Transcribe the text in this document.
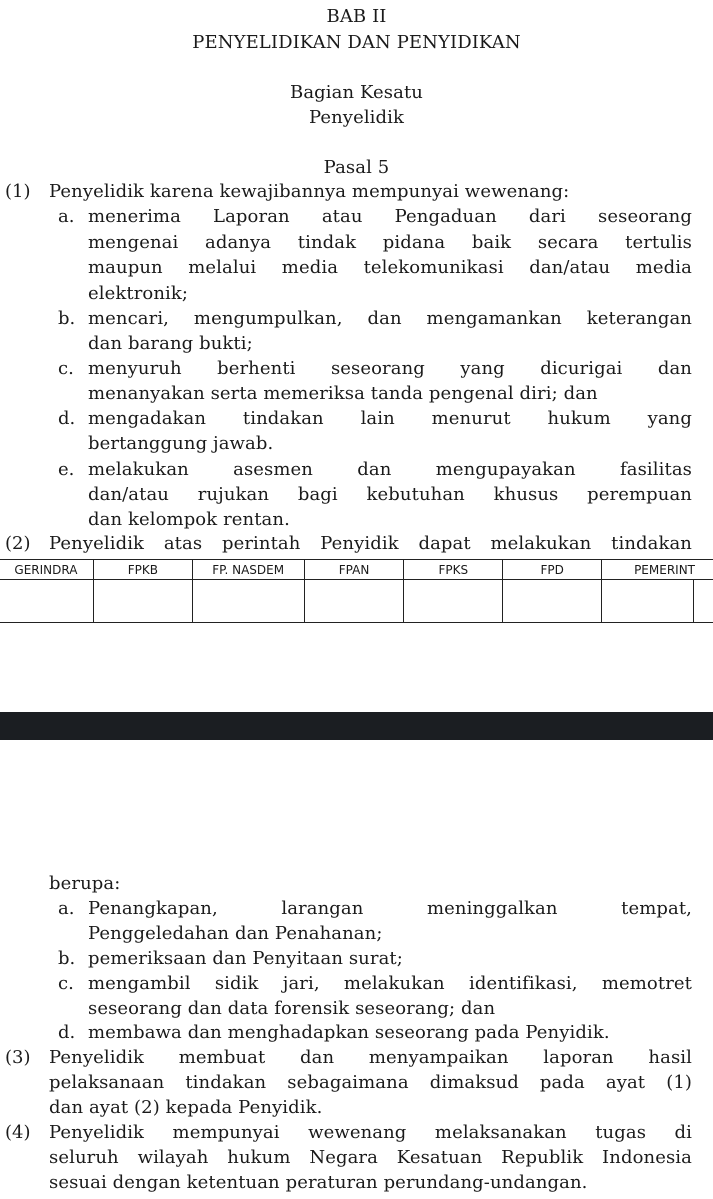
BAB II
PENYELIDIKAN DAN PENYIDIKAN
Bagian Kesatu
Penyelidik
Pasal 5
(1) Penyelidik karena kewajibannya mempunyai wewenang:
a. menerima Laporan atau Pengaduan dari seseorang
mengenai adanya tindak pidana baik secara tertulis
maupun melalui media telekomunikasi dan/atau media
elektronik;
b. mencari, mengumpulkan, dan mengamankan keterangan
dan barang bukti;
c. menyuruh berhenti seseorang yang dicurigai dan
menanyakan serta memeriksa tanda pengenal diri; dan
d. mengadakan tindakan lain menurut hukum yang
bertanggung jawab.
e. melakukan asesmen dan mengupayakan fasilitas
dan/atau rujukan bagi kebutuhan khusus perempuan
dan kelompok rentan.
(2) Penyelidik atas perintah Penyidik dapat melakukan tindakan
GERINDRA	FPKB	FP. NASDEM	FPAN	FPKS	FPD	PEMERINT	

berupa:
a. Penangkapan, larangan meninggalkan tempat,
Penggeledahan dan Penahanan;
b. pemeriksaan dan Penyitaan surat;
c. mengambil sidik jari, melakukan identifikasi, memotret
seseorang dan data forensik seseorang; dan
d. membawa dan menghadapkan seseorang pada Penyidik.
(3) Penyelidik membuat dan menyampaikan laporan hasil
pelaksanaan tindakan sebagaimana dimaksud pada ayat (1)
dan ayat (2) kepada Penyidik.
(4) Penyelidik mempunyai wewenang melaksanakan tugas di
seluruh wilayah hukum Negara Kesatuan Republik Indonesia
sesuai dengan ketentuan peraturan perundang-undangan.
